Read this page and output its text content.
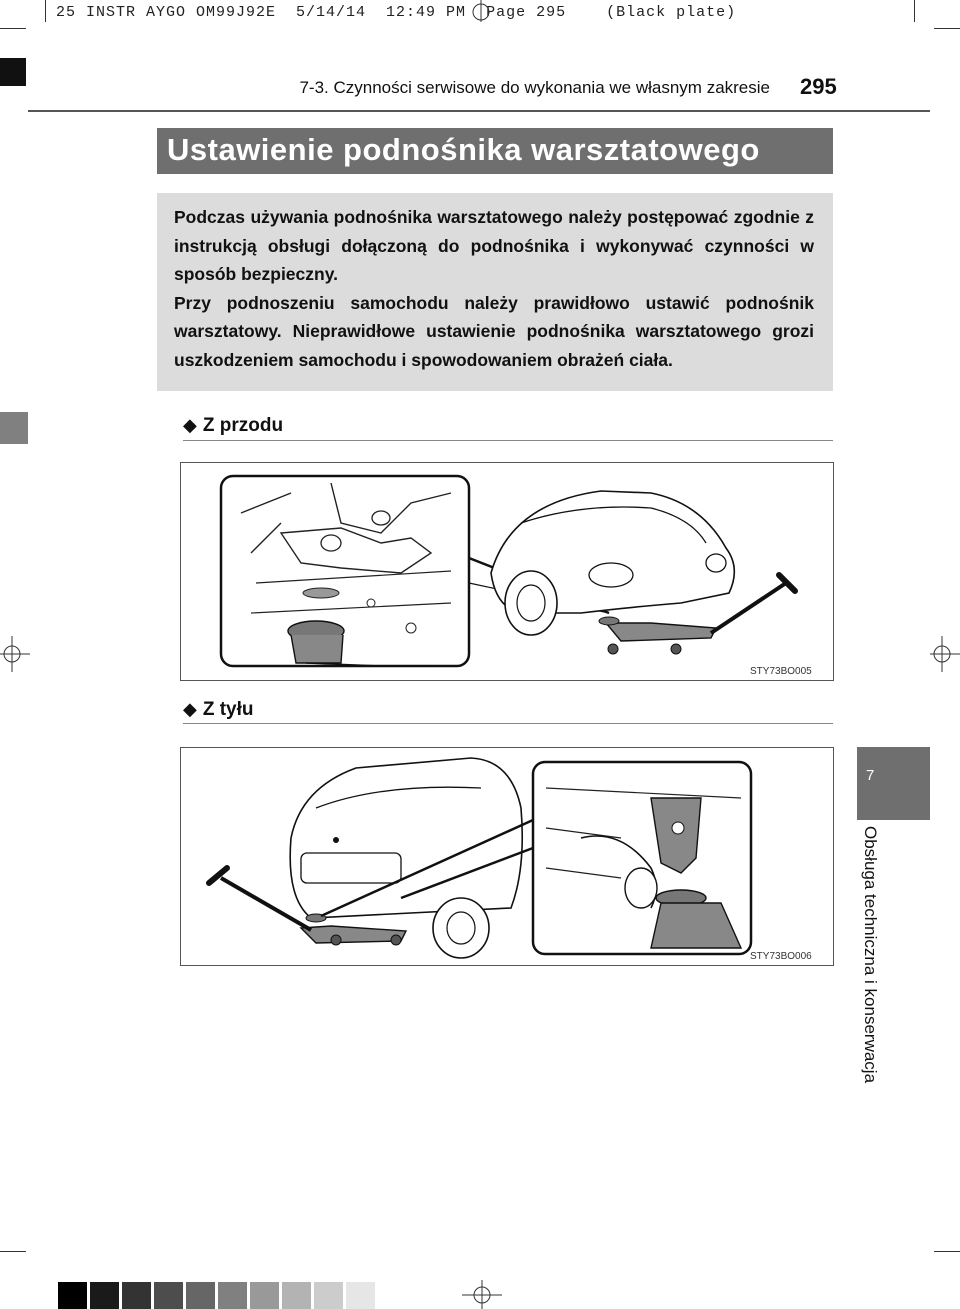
25 INSTR AYGO OM99J92E  5/14/14  12:49 PM  Page 295    (Black plate)
7-3. Czynności serwisowe do wykonania we własnym zakresie 295
Ustawienie podnośnika warsztatowego

Podczas używania podnośnika warsztatowego należy postępować zgodnie z instrukcją obsługi dołączoną do podnośnika i wykonywać czynności w sposób bezpieczny.

Przy podnoszeniu samochodu należy prawidłowo ustawić podnośnik warsztatowy. Nieprawidłowe ustawienie podnośnika warsztatowego grozi uszkodzeniem samochodu i spowodowaniem obrażeń ciała.

◆ Z przodu
STY73BO005
◆ Z tyłu
STY73BO006
7
Obsługa techniczna i konserwacja
